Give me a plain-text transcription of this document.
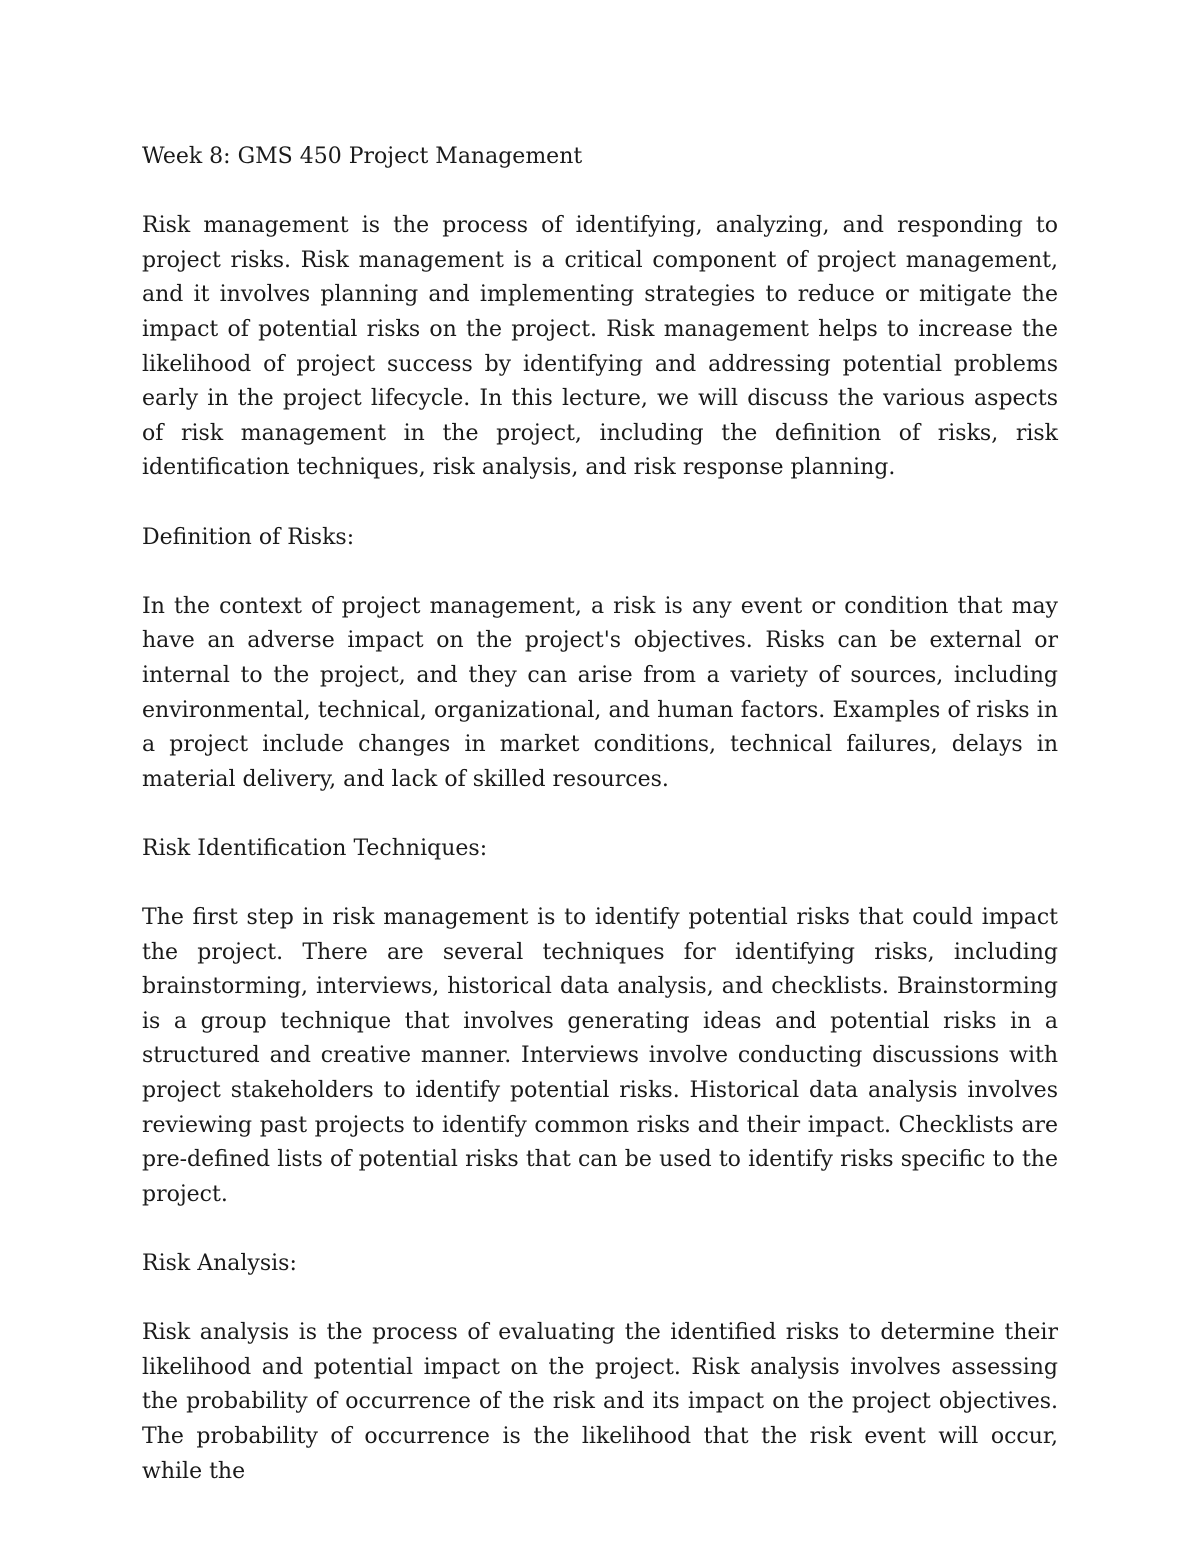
Week 8: GMS 450 Project Management

Risk management is the process of identifying, analyzing, and responding to project risks. Risk management is a critical component of project management, and it involves planning and implementing strategies to reduce or mitigate the impact of potential risks on the project. Risk management helps to increase the likelihood of project success by identifying and addressing potential problems early in the project lifecycle. In this lecture, we will discuss the various aspects of risk management in the project, including the definition of risks, risk identification techniques, risk analysis, and risk response planning.

Definition of Risks:

In the context of project management, a risk is any event or condition that may have an adverse impact on the project's objectives. Risks can be external or internal to the project, and they can arise from a variety of sources, including environmental, technical, organizational, and human factors. Examples of risks in a project include changes in market conditions, technical failures, delays in material delivery, and lack of skilled resources.

Risk Identification Techniques:

The first step in risk management is to identify potential risks that could impact the project. There are several techniques for identifying risks, including brainstorming, interviews, historical data analysis, and checklists. Brainstorming is a group technique that involves generating ideas and potential risks in a structured and creative manner. Interviews involve conducting discussions with project stakeholders to identify potential risks. Historical data analysis involves reviewing past projects to identify common risks and their impact. Checklists are pre-defined lists of potential risks that can be used to identify risks specific to the project.

Risk Analysis:

Risk analysis is the process of evaluating the identified risks to determine their likelihood and potential impact on the project. Risk analysis involves assessing the probability of occurrence of the risk and its impact on the project objectives. The probability of occurrence is the likelihood that the risk event will occur, while the
